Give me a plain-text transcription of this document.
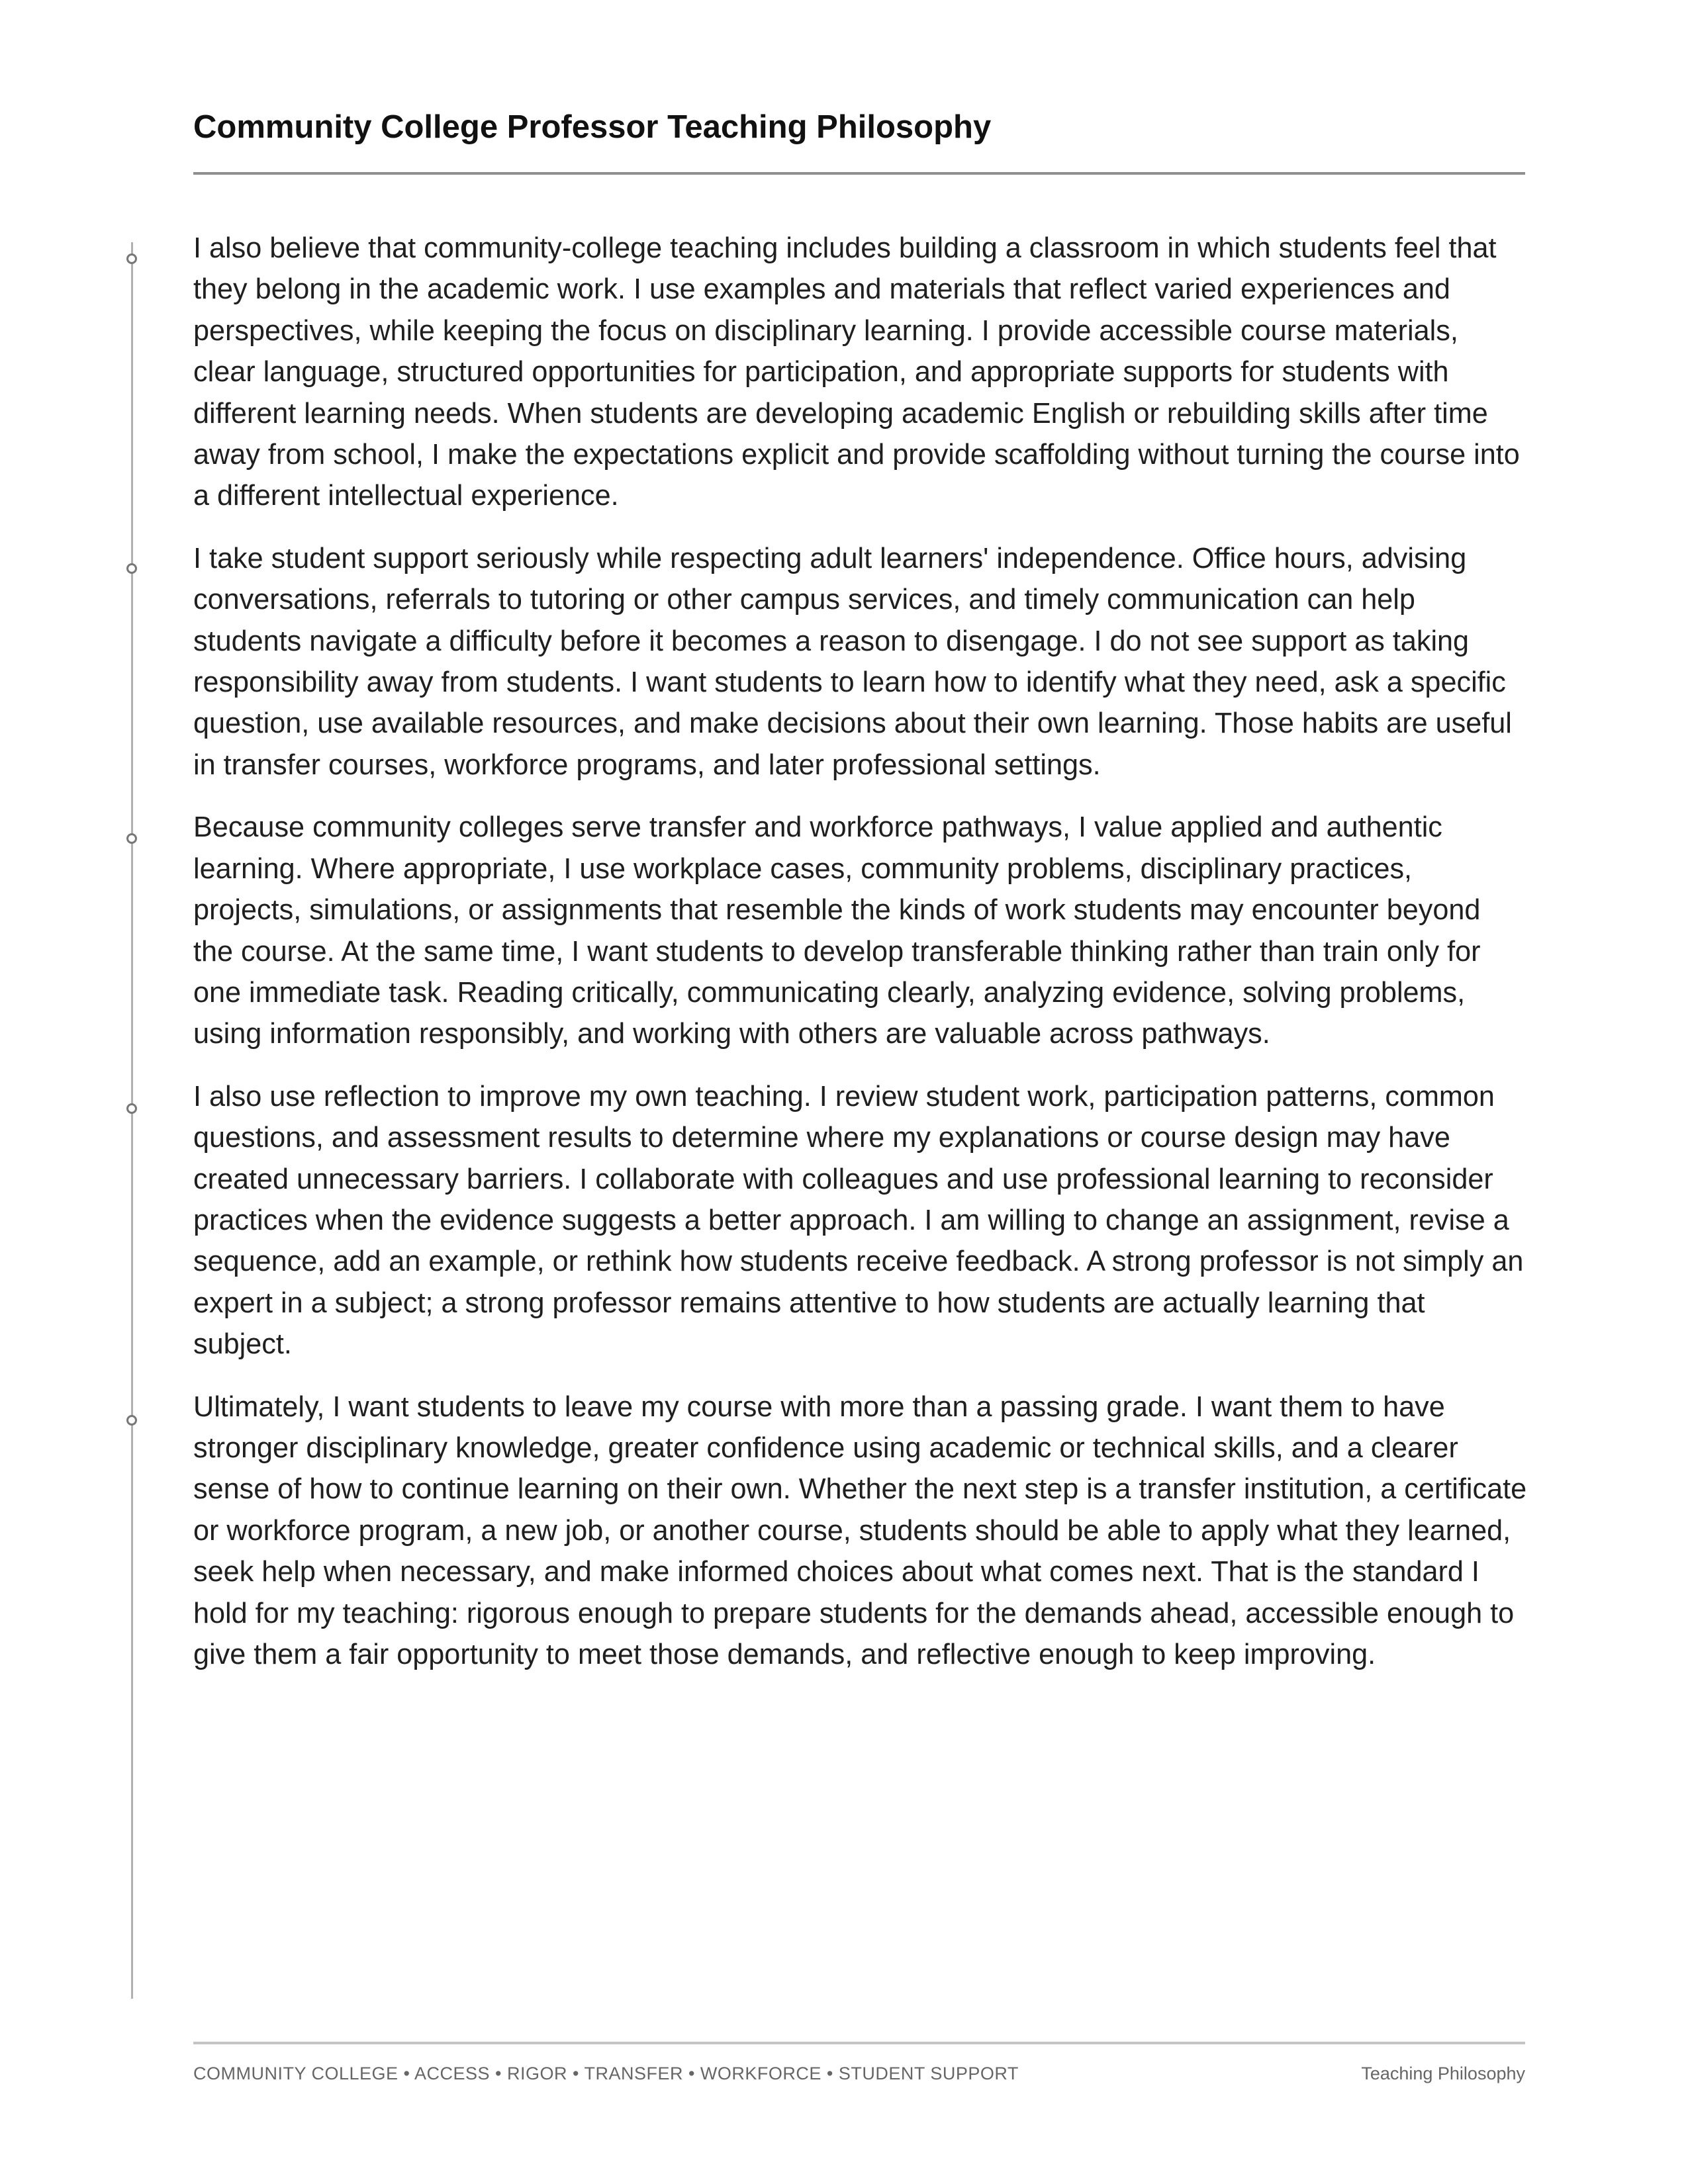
Community College Professor Teaching Philosophy

I also believe that community-college teaching includes building a classroom in which students feel that they belong in the academic work. I use examples and materials that reflect varied experiences and perspectives, while keeping the focus on disciplinary learning. I provide accessible course materials, clear language, structured opportunities for participation, and appropriate supports for students with different learning needs. When students are developing academic English or rebuilding skills after time away from school, I make the expectations explicit and provide scaffolding without turning the course into a different intellectual experience.

I take student support seriously while respecting adult learners' independence. Office hours, advising conversations, referrals to tutoring or other campus services, and timely communication can help students navigate a difficulty before it becomes a reason to disengage. I do not see support as taking responsibility away from students. I want students to learn how to identify what they need, ask a specific question, use available resources, and make decisions about their own learning. Those habits are useful in transfer courses, workforce programs, and later professional settings.

Because community colleges serve transfer and workforce pathways, I value applied and authentic learning. Where appropriate, I use workplace cases, community problems, disciplinary practices, projects, simulations, or assignments that resemble the kinds of work students may encounter beyond the course. At the same time, I want students to develop transferable thinking rather than train only for one immediate task. Reading critically, communicating clearly, analyzing evidence, solving problems, using information responsibly, and working with others are valuable across pathways.

I also use reflection to improve my own teaching. I review student work, participation patterns, common questions, and assessment results to determine where my explanations or course design may have created unnecessary barriers. I collaborate with colleagues and use professional learning to reconsider practices when the evidence suggests a better approach. I am willing to change an assignment, revise a sequence, add an example, or rethink how students receive feedback. A strong professor is not simply an expert in a subject; a strong professor remains attentive to how students are actually learning that subject.

Ultimately, I want students to leave my course with more than a passing grade. I want them to have stronger disciplinary knowledge, greater confidence using academic or technical skills, and a clearer sense of how to continue learning on their own. Whether the next step is a transfer institution, a certificate or workforce program, a new job, or another course, students should be able to apply what they learned, seek help when necessary, and make informed choices about what comes next. That is the standard I hold for my teaching: rigorous enough to prepare students for the demands ahead, accessible enough to give them a fair opportunity to meet those demands, and reflective enough to keep improving.

COMMUNITY COLLEGE • ACCESS • RIGOR • TRANSFER • WORKFORCE • STUDENT SUPPORT	Teaching Philosophy
